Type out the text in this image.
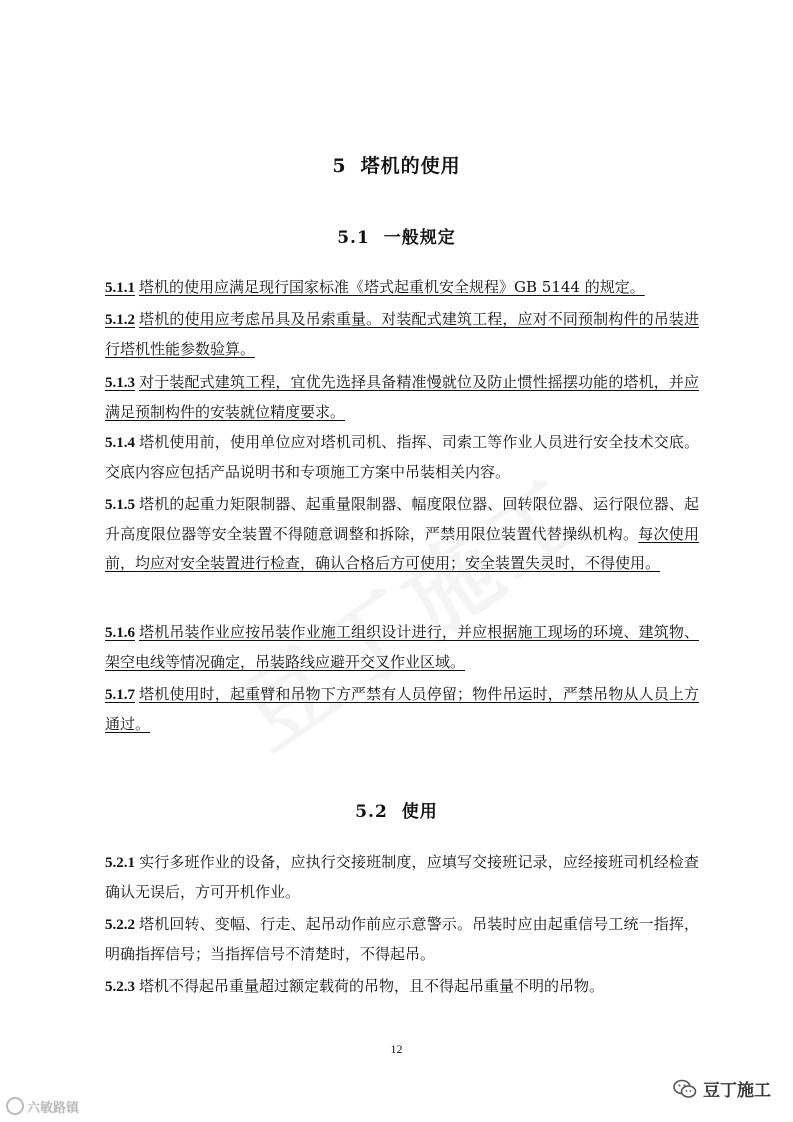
5 塔机的使用
5.1 一般规定
5.1.1 塔机的使用应满足现行国家标准《塔式起重机安全规程》GB 5144 的规定。
5.1.2 塔机的使用应考虑吊具及吊索重量。对装配式建筑工程，应对不同预制构件的吊装进行塔机性能参数验算。
5.1.3 对于装配式建筑工程，宜优先选择具备精准慢就位及防止惯性摇摆功能的塔机，并应满足预制构件的安装就位精度要求。
5.1.4 塔机使用前，使用单位应对塔机司机、指挥、司索工等作业人员进行安全技术交底。交底内容应包括产品说明书和专项施工方案中吊装相关内容。
5.1.5 塔机的起重力矩限制器、起重量限制器、幅度限位器、回转限位器、运行限位器、起升高度限位器等安全装置不得随意调整和拆除，严禁用限位装置代替操纵机构。每次使用前，均应对安全装置进行检查，确认合格后方可使用；安全装置失灵时，不得使用。
5.1.6 塔机吊装作业应按吊装作业施工组织设计进行，并应根据施工现场的环境、建筑物、架空电线等情况确定，吊装路线应避开交叉作业区域。
5.1.7 塔机使用时，起重臂和吊物下方严禁有人员停留；物件吊运时，严禁吊物从人员上方通过。
5.2 使用
5.2.1 实行多班作业的设备，应执行交接班制度，应填写交接班记录，应经接班司机经检查确认无误后，方可开机作业。
5.2.2 塔机回转、变幅、行走、起吊动作前应示意警示。吊装时应由起重信号工统一指挥，明确指挥信号；当指挥信号不清楚时，不得起吊。
5.2.3 塔机不得起吊重量超过额定载荷的吊物，且不得起吊重量不明的吊物。
12
豆丁施工
六敏路镇
